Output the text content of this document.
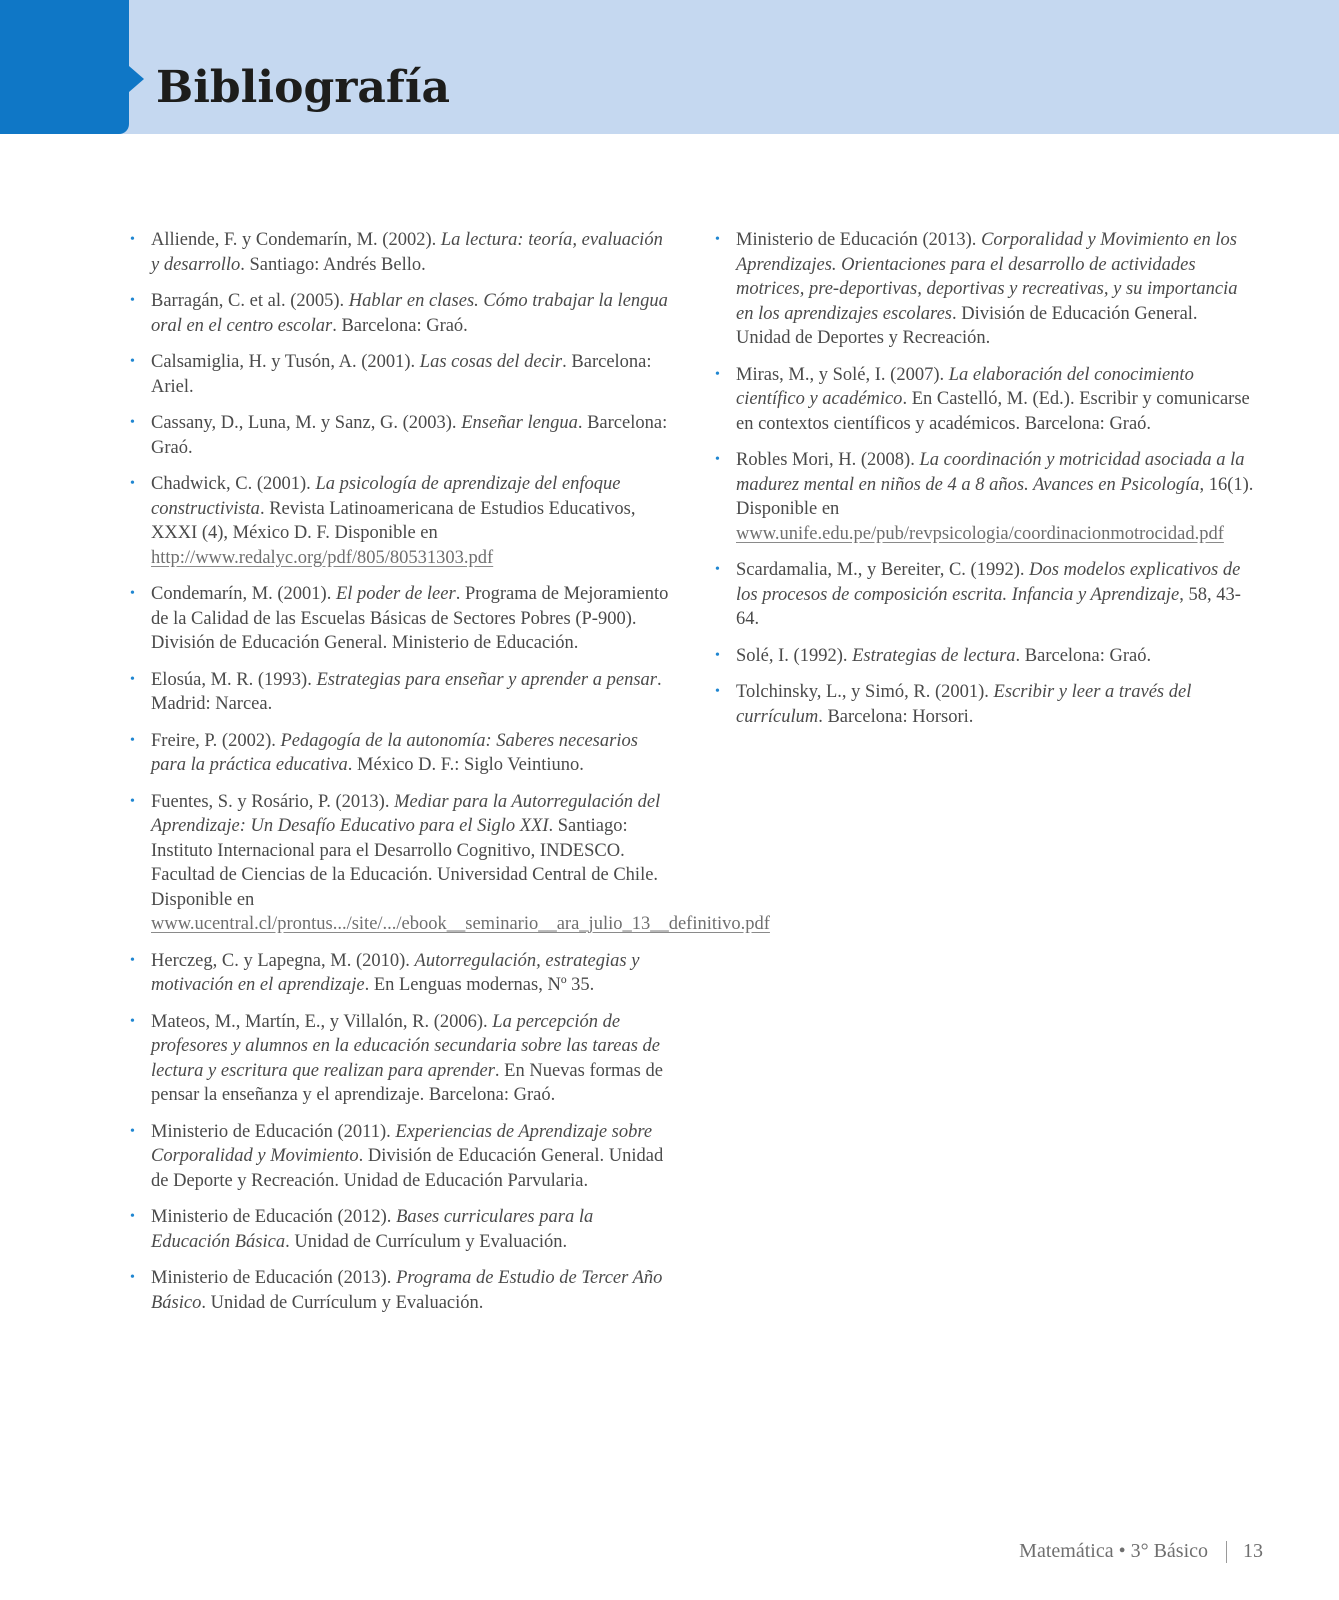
Bibliografía
• Alliende, F. y Condemarín, M. (2002). La lectura: teoría, evaluación y desarrollo. Santiago: Andrés Bello.
• Barragán, C. et al. (2005). Hablar en clases. Cómo trabajar la lengua oral en el centro escolar. Barcelona: Graó.
• Calsamiglia, H. y Tusón, A. (2001). Las cosas del decir. Barcelona: Ariel.
• Cassany, D., Luna, M. y Sanz, G. (2003). Enseñar lengua. Barcelona: Graó.
• Chadwick, C. (2001). La psicología de aprendizaje del enfoque constructivista. Revista Latinoamericana de Estudios Educativos, XXXI (4), México D. F. Disponible en http://www.redalyc.org/pdf/805/80531303.pdf
• Condemarín, M. (2001). El poder de leer. Programa de Mejoramiento de la Calidad de las Escuelas Básicas de Sectores Pobres (P-900). División de Educación General. Ministerio de Educación.
• Elosúa, M. R. (1993). Estrategias para enseñar y aprender a pensar. Madrid: Narcea.
• Freire, P. (2002). Pedagogía de la autonomía: Saberes necesarios para la práctica educativa. México D. F.: Siglo Veintiuno.
• Fuentes, S. y Rosário, P. (2013). Mediar para la Autorregulación del Aprendizaje: Un Desafío Educativo para el Siglo XXI. Santiago: Instituto Internacional para el Desarrollo Cognitivo, INDESCO. Facultad de Ciencias de la Educación. Universidad Central de Chile. Disponible en www.ucentral.cl/prontus.../site/.../ebook__seminario__ara_julio_13__definitivo.pdf
• Herczeg, C. y Lapegna, M. (2010). Autorregulación, estrategias y motivación en el aprendizaje. En Lenguas modernas, Nº 35.
• Mateos, M., Martín, E., y Villalón, R. (2006). La percepción de profesores y alumnos en la educación secundaria sobre las tareas de lectura y escritura que realizan para aprender. En Nuevas formas de pensar la enseñanza y el aprendizaje. Barcelona: Graó.
• Ministerio de Educación (2011). Experiencias de Aprendizaje sobre Corporalidad y Movimiento. División de Educación General. Unidad de Deporte y Recreación. Unidad de Educación Parvularia.
• Ministerio de Educación (2012). Bases curriculares para la Educación Básica. Unidad de Currículum y Evaluación.
• Ministerio de Educación (2013). Programa de Estudio de Tercer Año Básico. Unidad de Currículum y Evaluación.
• Ministerio de Educación (2013). Corporalidad y Movimiento en los Aprendizajes. Orientaciones para el desarrollo de actividades motrices, pre-deportivas, deportivas y recreativas, y su importancia en los aprendizajes escolares. División de Educación General. Unidad de Deportes y Recreación.
• Miras, M., y Solé, I. (2007). La elaboración del conocimiento científico y académico. En Castelló, M. (Ed.). Escribir y comunicarse en contextos científicos y académicos. Barcelona: Graó.
• Robles Mori, H. (2008). La coordinación y motricidad asociada a la madurez mental en niños de 4 a 8 años. Avances en Psicología, 16(1). Disponible en www.unife.edu.pe/pub/revpsicologia/coordinacionmotrocidad.pdf
• Scardamalia, M., y Bereiter, C. (1992). Dos modelos explicativos de los procesos de composición escrita. Infancia y Aprendizaje, 58, 43-64.
• Solé, I. (1992). Estrategias de lectura. Barcelona: Graó.
• Tolchinsky, L., y Simó, R. (2001). Escribir y leer a través del currículum. Barcelona: Horsori.
Matemática • 3° Básico 13
